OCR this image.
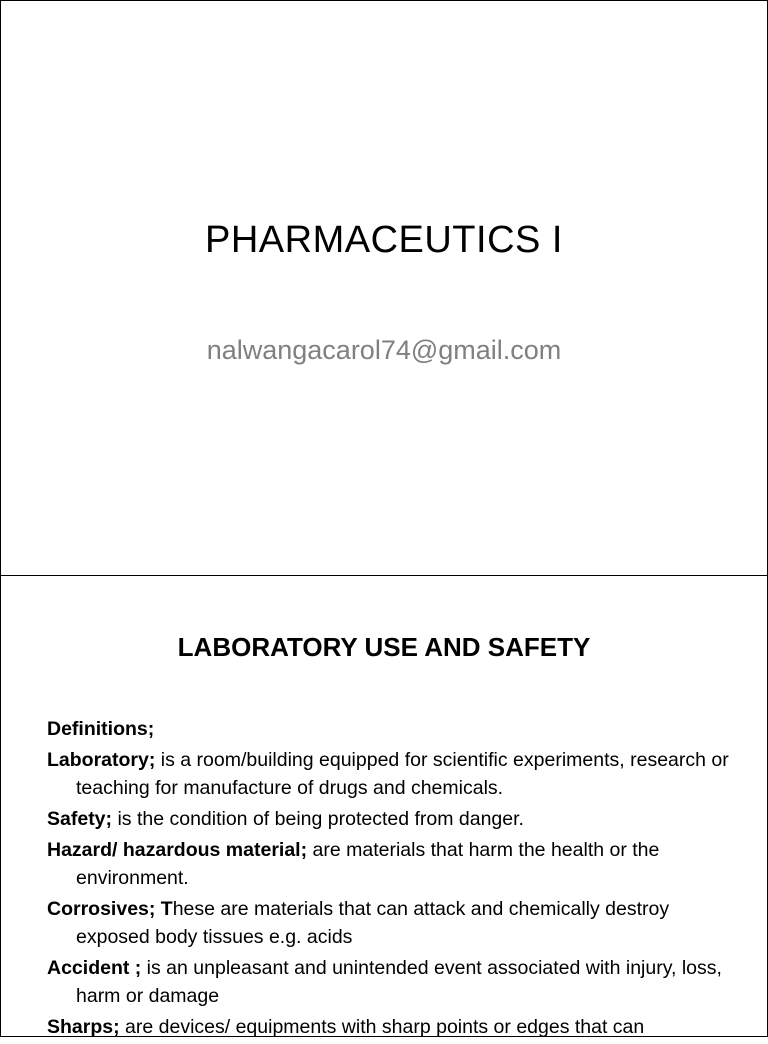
PHARMACEUTICS I
nalwangacarol74@gmail.com
LABORATORY USE AND SAFETY
Definitions;
Laboratory; is a room/building equipped for scientific experiments, research or teaching for manufacture of drugs and chemicals.
Safety; is the condition of being protected from danger.
Hazard/ hazardous material; are materials that harm the health or the environment.
Corrosives; These are materials that can attack and chemically destroy exposed body tissues e.g. acids
Accident ; is an unpleasant and unintended event associated with injury, loss, harm or damage
Sharps; are devices/ equipments with sharp points or edges that can
